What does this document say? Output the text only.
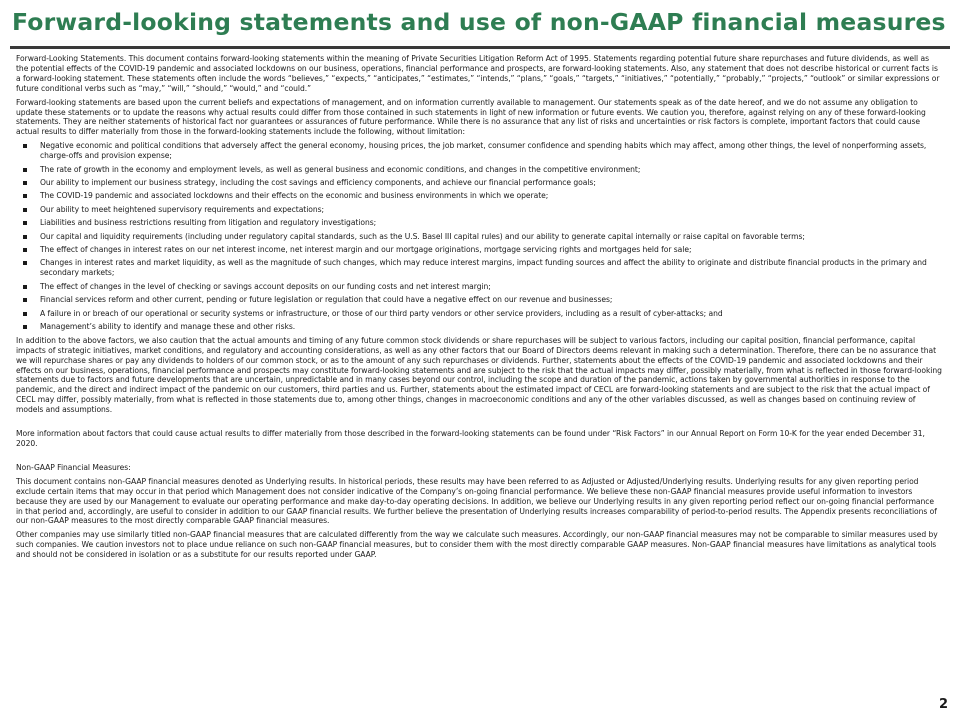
Forward-looking statements and use of non-GAAP financial measures

Forward-Looking Statements. This document contains forward-looking statements within the meaning of Private Securities Litigation Reform Act of 1995. Statements regarding potential future share repurchases and future dividends, as well as the potential effects of the COVID-19 pandemic and associated lockdowns on our business, operations, financial performance and prospects, are forward-looking statements. Also, any statement that does not describe historical or current facts is a forward-looking statement. These statements often include the words “believes,” “expects,” “anticipates,” “estimates,” “intends,” “plans,” “goals,” “targets,” “initiatives,” “potentially,” “probably,” “projects,” “outlook” or similar expressions or future conditional verbs such as “may,” “will,” “should,” “would,” and “could.”

Forward-looking statements are based upon the current beliefs and expectations of management, and on information currently available to management. Our statements speak as of the date hereof, and we do not assume any obligation to update these statements or to update the reasons why actual results could differ from those contained in such statements in light of new information or future events. We caution you, therefore, against relying on any of these forward-looking statements. They are neither statements of historical fact nor guarantees or assurances of future performance. While there is no assurance that any list of risks and uncertainties or risk factors is complete, important factors that could cause actual results to differ materially from those in the forward-looking statements include the following, without limitation:

Negative economic and political conditions that adversely affect the general economy, housing prices, the job market, consumer confidence and spending habits which may affect, among other things, the level of nonperforming assets, charge-offs and provision expense;
The rate of growth in the economy and employment levels, as well as general business and economic conditions, and changes in the competitive environment;
Our ability to implement our business strategy, including the cost savings and efficiency components, and achieve our financial performance goals;
The COVID-19 pandemic and associated lockdowns and their effects on the economic and business environments in which we operate;
Our ability to meet heightened supervisory requirements and expectations;
Liabilities and business restrictions resulting from litigation and regulatory investigations;
Our capital and liquidity requirements (including under regulatory capital standards, such as the U.S. Basel III capital rules) and our ability to generate capital internally or raise capital on favorable terms;
The effect of changes in interest rates on our net interest income, net interest margin and our mortgage originations, mortgage servicing rights and mortgages held for sale;
Changes in interest rates and market liquidity, as well as the magnitude of such changes, which may reduce interest margins, impact funding sources and affect the ability to originate and distribute financial products in the primary and secondary markets;
The effect of changes in the level of checking or savings account deposits on our funding costs and net interest margin;
Financial services reform and other current, pending or future legislation or regulation that could have a negative effect on our revenue and businesses;
A failure in or breach of our operational or security systems or infrastructure, or those of our third party vendors or other service providers, including as a result of cyber-attacks; and
Management’s ability to identify and manage these and other risks.

In addition to the above factors, we also caution that the actual amounts and timing of any future common stock dividends or share repurchases will be subject to various factors, including our capital position, financial performance, capital impacts of strategic initiatives, market conditions, and regulatory and accounting considerations, as well as any other factors that our Board of Directors deems relevant in making such a determination. Therefore, there can be no assurance that we will repurchase shares or pay any dividends to holders of our common stock, or as to the amount of any such repurchases or dividends. Further, statements about the effects of the COVID-19 pandemic and associated lockdowns and their effects on our business, operations, financial performance and prospects may constitute forward-looking statements and are subject to the risk that the actual impacts may differ, possibly materially, from what is reflected in those forward-looking statements due to factors and future developments that are uncertain, unpredictable and in many cases beyond our control, including the scope and duration of the pandemic, actions taken by governmental authorities in response to the pandemic, and the direct and indirect impact of the pandemic on our customers, third parties and us. Further, statements about the estimated impact of CECL are forward-looking statements and are subject to the risk that the actual impact of CECL may differ, possibly materially, from what is reflected in those statements due to, among other things, changes in macroeconomic conditions and any of the other variables discussed, as well as changes based on continuing review of models and assumptions.

More information about factors that could cause actual results to differ materially from those described in the forward-looking statements can be found under “Risk Factors” in our Annual Report on Form 10-K for the year ended December 31, 2020.

Non-GAAP Financial Measures:

This document contains non-GAAP financial measures denoted as Underlying results. In historical periods, these results may have been referred to as Adjusted or Adjusted/Underlying results. Underlying results for any given reporting period exclude certain items that may occur in that period which Management does not consider indicative of the Company’s on-going financial performance. We believe these non-GAAP financial measures provide useful information to investors because they are used by our Management to evaluate our operating performance and make day-to-day operating decisions. In addition, we believe our Underlying results in any given reporting period reflect our on-going financial performance in that period and, accordingly, are useful to consider in addition to our GAAP financial results. We further believe the presentation of Underlying results increases comparability of period-to-period results. The Appendix presents reconciliations of our non-GAAP measures to the most directly comparable GAAP financial measures.

Other companies may use similarly titled non-GAAP financial measures that are calculated differently from the way we calculate such measures. Accordingly, our non-GAAP financial measures may not be comparable to similar measures used by such companies. We caution investors not to place undue reliance on such non-GAAP financial measures, but to consider them with the most directly comparable GAAP measures. Non-GAAP financial measures have limitations as analytical tools and should not be considered in isolation or as a substitute for our results reported under GAAP.

2
